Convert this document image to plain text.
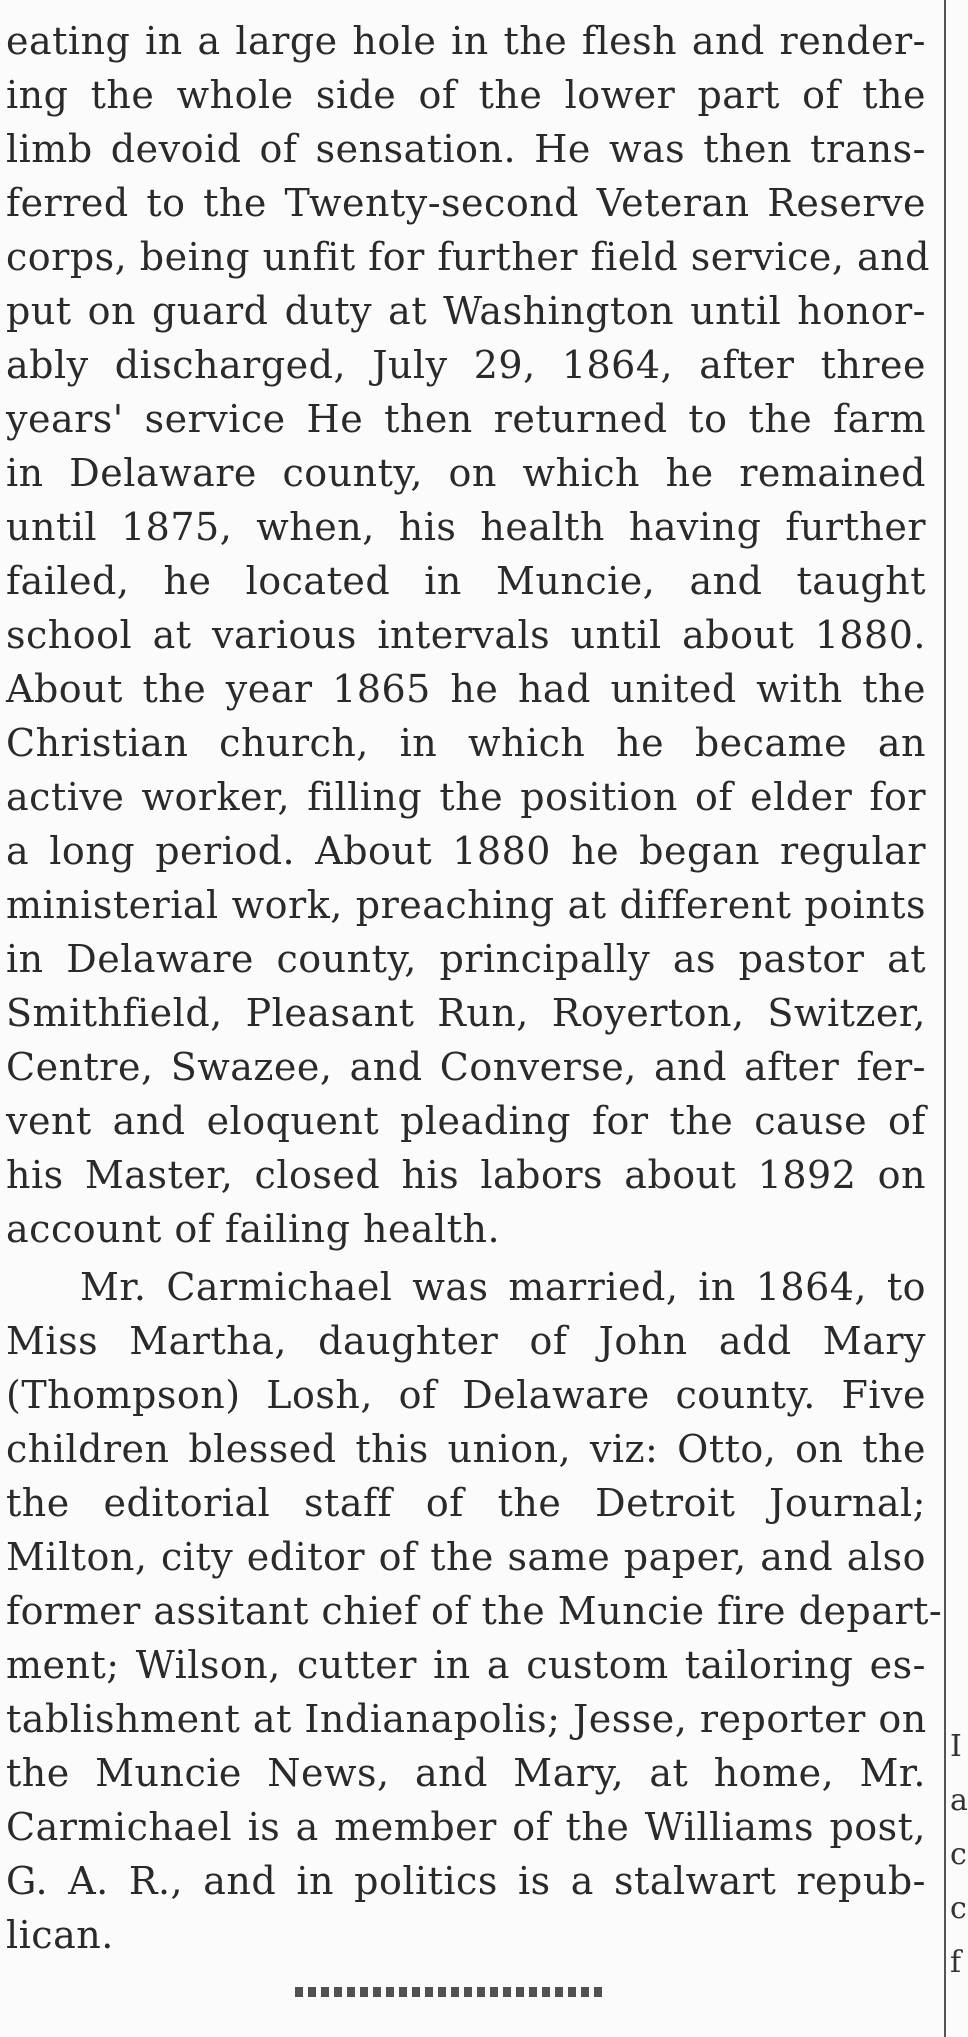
eating in a large hole in the flesh and render-
ing the whole side of the lower part of the
limb devoid of sensation. He was then trans-
ferred to the Twenty-second Veteran Reserve
corps, being unfit for further field service, and
put on guard duty at Washington until honor-
ably discharged, July 29, 1864, after three
years' service He then returned to the farm
in Delaware county, on which he remained
until 1875, when, his health having further
failed, he located in Muncie, and taught
school at various intervals until about 1880.
About the year 1865 he had united with the
Christian church, in which he became an
active worker, filling the position of elder for
a long period. About 1880 he began regular
ministerial work, preaching at different points
in Delaware county, principally as pastor at
Smithfield, Pleasant Run, Royerton, Switzer,
Centre, Swazee, and Converse, and after fer-
vent and eloquent pleading for the cause of
his Master, closed his labors about 1892 on
account of failing health.
Mr. Carmichael was married, in 1864, to
Miss Martha, daughter of John add Mary
(Thompson) Losh, of Delaware county. Five
children blessed this union, viz: Otto, on the
the editorial staff of the Detroit Journal;
Milton, city editor of the same paper, and also
former assitant chief of the Muncie fire depart-
ment; Wilson, cutter in a custom tailoring es-
tablishment at Indianapolis; Jesse, reporter on
the Muncie News, and Mary, at home, Mr.
Carmichael is a member of the Williams post,
G. A. R., and in politics is a stalwart repub-
lican.
I
a
c
c
f
